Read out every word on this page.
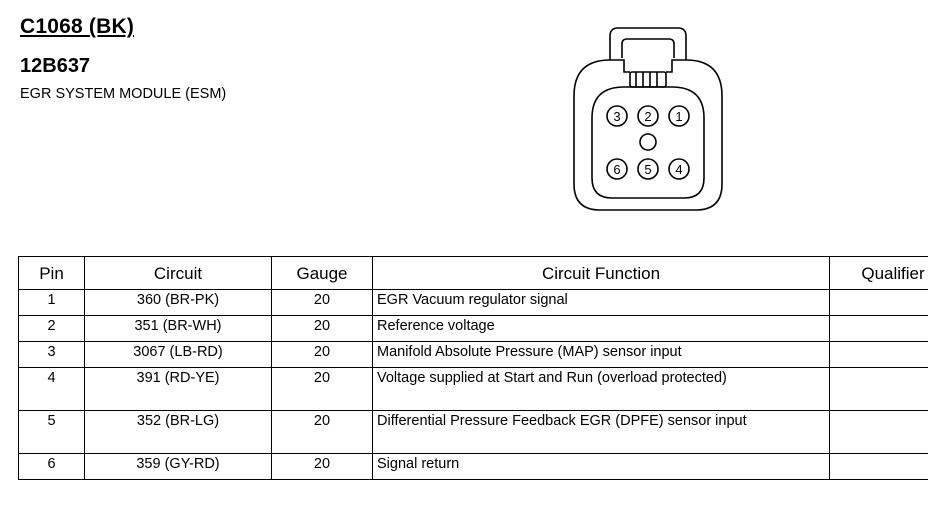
C1068 (BK)
12B637
EGR SYSTEM MODULE (ESM)
3 2 1
6 5 4
Pin	Circuit	Gauge	Circuit Function	Qualifier
1	360 (BR-PK)	20	EGR Vacuum regulator signal	
2	351 (BR-WH)	20	Reference voltage	
3	3067 (LB-RD)	20	Manifold Absolute Pressure (MAP) sensor input	
4	391 (RD-YE)	20	Voltage supplied at Start and Run (overload protected)	
5	352 (BR-LG)	20	Differential Pressure Feedback EGR (DPFE) sensor input	
6	359 (GY-RD)	20	Signal return	
